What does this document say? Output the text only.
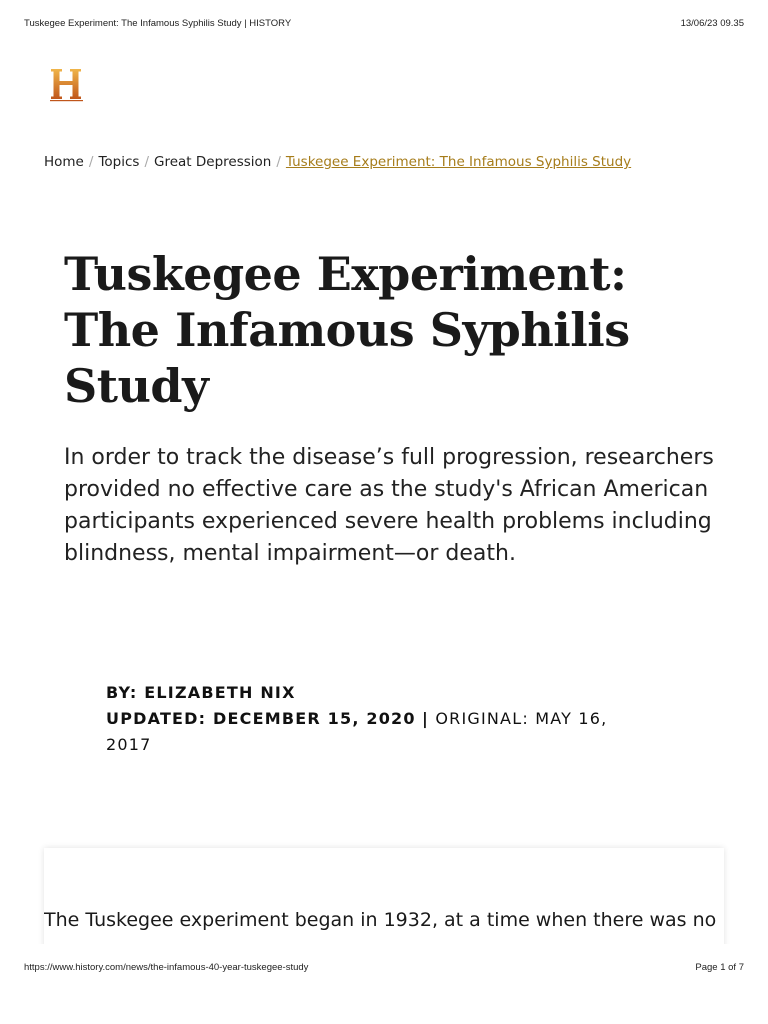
Tuskegee Experiment: The Infamous Syphilis Study | HISTORY	13/06/23 09.35
Home / Topics / Great Depression / Tuskegee Experiment: The Infamous Syphilis Study
Tuskegee Experiment: The Infamous Syphilis Study

In order to track the disease’s full progression, researchers provided no effective care as the study's African American participants experienced severe health problems including blindness, mental impairment—or death.

BY: ELIZABETH NIX
UPDATED: DECEMBER 15, 2020 | ORIGINAL: MAY 16, 2017

The Tuskegee experiment began in 1932, at a time when there was no

https://www.history.com/news/the-infamous-40-year-tuskegee-study	Page 1 of 7
